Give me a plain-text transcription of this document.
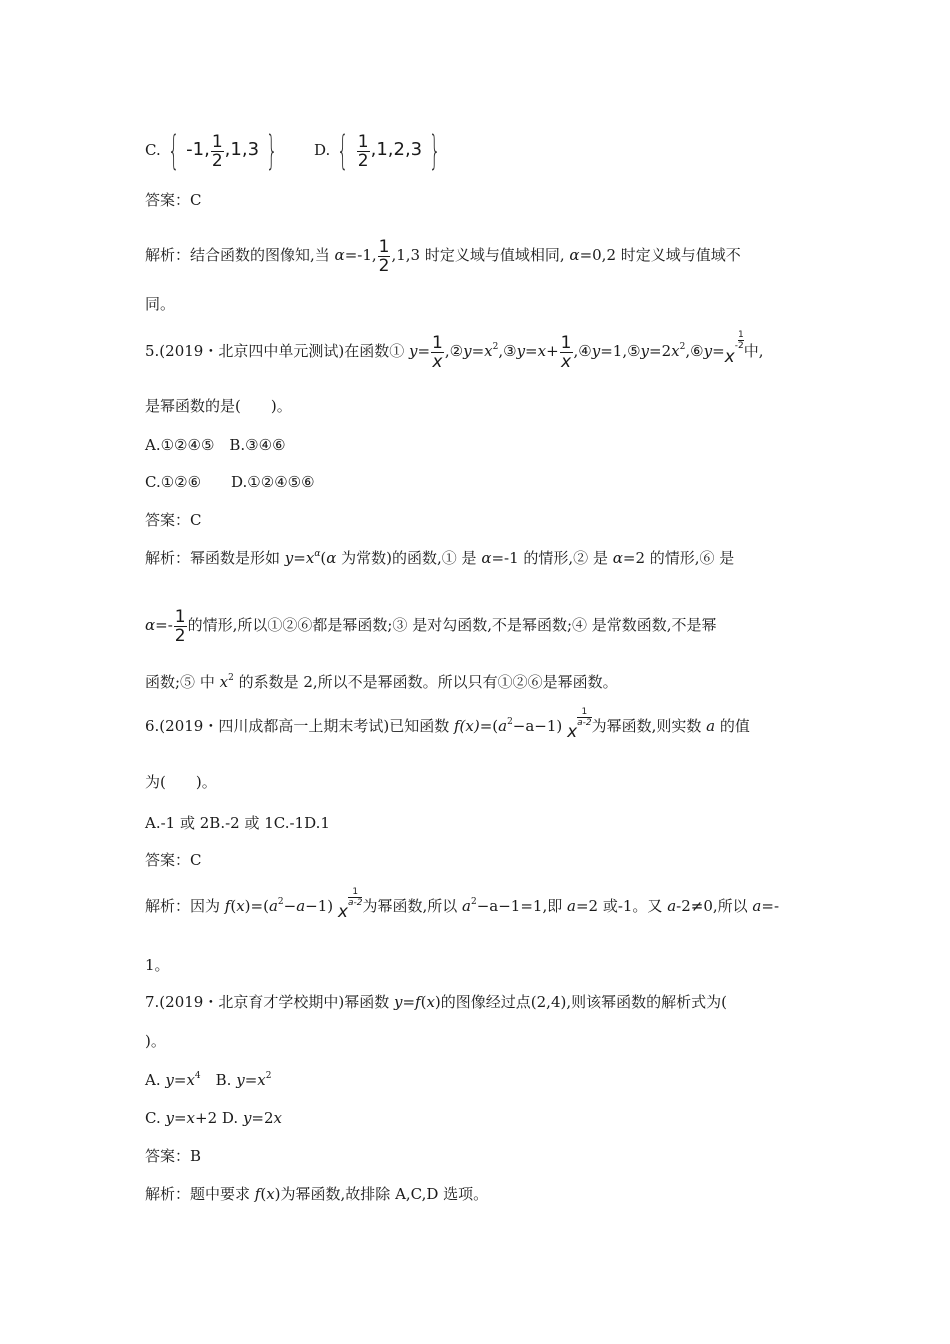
C. { -1, $\frac{1}{2} ,1,3$ } D. { $\frac{1}{2} ,1,2,3$ }
答案：C
解析：结合函数的图像知,当 α=-1, $\frac{1}{2} ,1,3$ 时定义域与值域相同, α=0,2 时定义域与值域不
同。
5.(2019・北京四中单元测试)在函数① $y= \frac{1}{x}$ $,②y=x^2,③y=x+ \frac{1}{x}$ $,④y=1,⑤y=2x^2,⑥y=x- \frac{1}{2}$ 中,
是幂函数的是(　　)。
A.①②④⑤　B.③④⑥
C.①②⑥　　D.①②④⑤⑥
答案：C
解析：幂函数是形如 $y=x^\alpha(\alpha$ 为常数)的函数,① 是 α=-1 的情形,② 是 α=2 的情形,⑥ 是
$\alpha=- \frac{1}{2}$ 的情形,所以①②⑥都是幂函数;③ 是对勾函数,不是幂函数;④ 是常数函数,不是幂
函数;⑤ 中 $x^2$ 的系数是 2,所以不是幂函数。所以只有①②⑥是幂函数。
6.(2019・四川成都高一上期末考试)已知函数 $f(x)=(a^2-a-1)$ x
$\frac{1}{a-2}$ 为幂函数,则实数 a 的值
为(　　)。
A.-1 或 2B.-2 或 1C.-1D.1
答案：C
解析：因为 $f(x)=(a^2-a-1)$ x
$\frac{1}{a-2}$ 为幂函数,所以 $a^2-a-1=1$,即 a=2 或-1。又 a-2≠0,所以 a=-
1。
7.(2019・北京育才学校期中)幂函数 y=f(x)的图像经过点(2,4),则该幂函数的解析式为(
)。
A. $y=x^4$　B. $y=x^2$
C. y=x+2 D. y=2x
答案：B
解析：题中要求 f(x)为幂函数,故排除 A,C,D 选项。
